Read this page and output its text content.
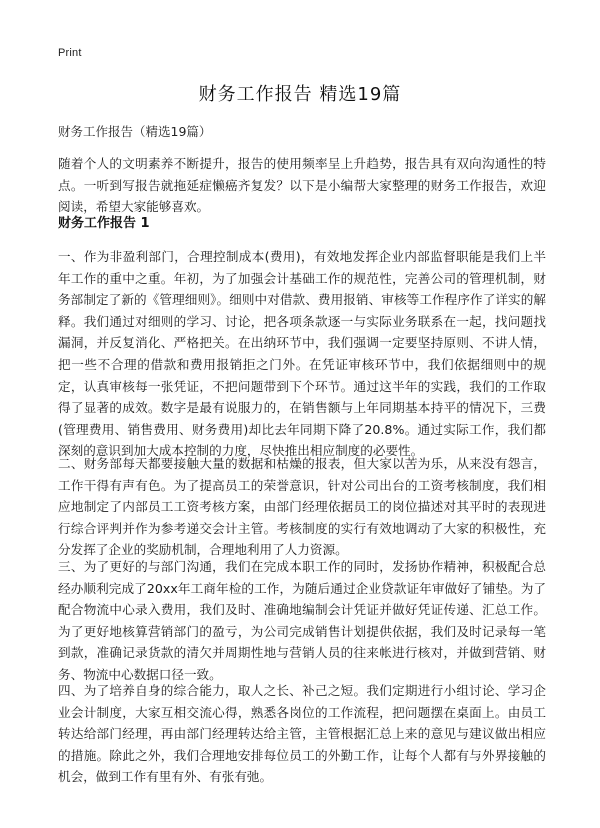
Print
财务工作报告 精选19篇
财务工作报告（精选19篇）

随着个人的文明素养不断提升，报告的使用频率呈上升趋势，报告具有双向沟通性的特点。一听到写报告就拖延症懒癌齐复发？以下是小编帮大家整理的财务工作报告，欢迎阅读，希望大家能够喜欢。

财务工作报告 1

一、作为非盈利部门，合理控制成本(费用)，有效地发挥企业内部监督职能是我们上半年工作的重中之重。年初，为了加强会计基础工作的规范性，完善公司的管理机制，财务部制定了新的《管理细则》。细则中对借款、费用报销、审核等工作程序作了详实的解释。我们通过对细则的学习、讨论，把各项条款逐一与实际业务联系在一起，找问题找漏洞，并反复消化、严格把关。在出纳环节中，我们强调一定要坚持原则、不讲人情，把一些不合理的借款和费用报销拒之门外。在凭证审核环节中，我们依据细则中的规定，认真审核每一张凭证，不把问题带到下个环节。通过这半年的实践，我们的工作取得了显著的成效。数字是最有说服力的，在销售额与上年同期基本持平的情况下，三费(管理费用、销售费用、财务费用)却比去年同期下降了20.8%。通过实际工作，我们都深刻的意识到加大成本控制的力度，尽快推出相应制度的必要性。

二、财务部每天都要接触大量的数据和枯燥的报表，但大家以苦为乐，从来没有怨言，工作干得有声有色。为了提高员工的荣誉意识，针对公司出台的工资考核制度，我们相应地制定了内部员工工资考核方案，由部门经理依据员工的岗位描述对其平时的表现进行综合评判并作为参考递交会计主管。考核制度的实行有效地调动了大家的积极性，充分发挥了企业的奖励机制，合理地利用了人力资源。

三、为了更好的与部门沟通，我们在完成本职工作的同时，发扬协作精神，积极配合总经办顺利完成了20xx年工商年检的工作，为随后通过企业贷款证年审做好了铺垫。为了配合物流中心录入费用，我们及时、准确地编制会计凭证并做好凭证传递、汇总工作。为了更好地核算营销部门的盈亏，为公司完成销售计划提供依据，我们及时记录每一笔到款，准确记录货款的清欠并周期性地与营销人员的往来帐进行核对，并做到营销、财务、物流中心数据口径一致。

四、为了培养自身的综合能力，取人之长、补己之短。我们定期进行小组讨论、学习企业会计制度，大家互相交流心得，熟悉各岗位的工作流程，把问题摆在桌面上。由员工转达给部门经理，再由部门经理转达给主管，主管根据汇总上来的意见与建议做出相应的措施。除此之外，我们合理地安排每位员工的外勤工作，让每个人都有与外界接触的机会，做到工作有里有外、有张有弛。
